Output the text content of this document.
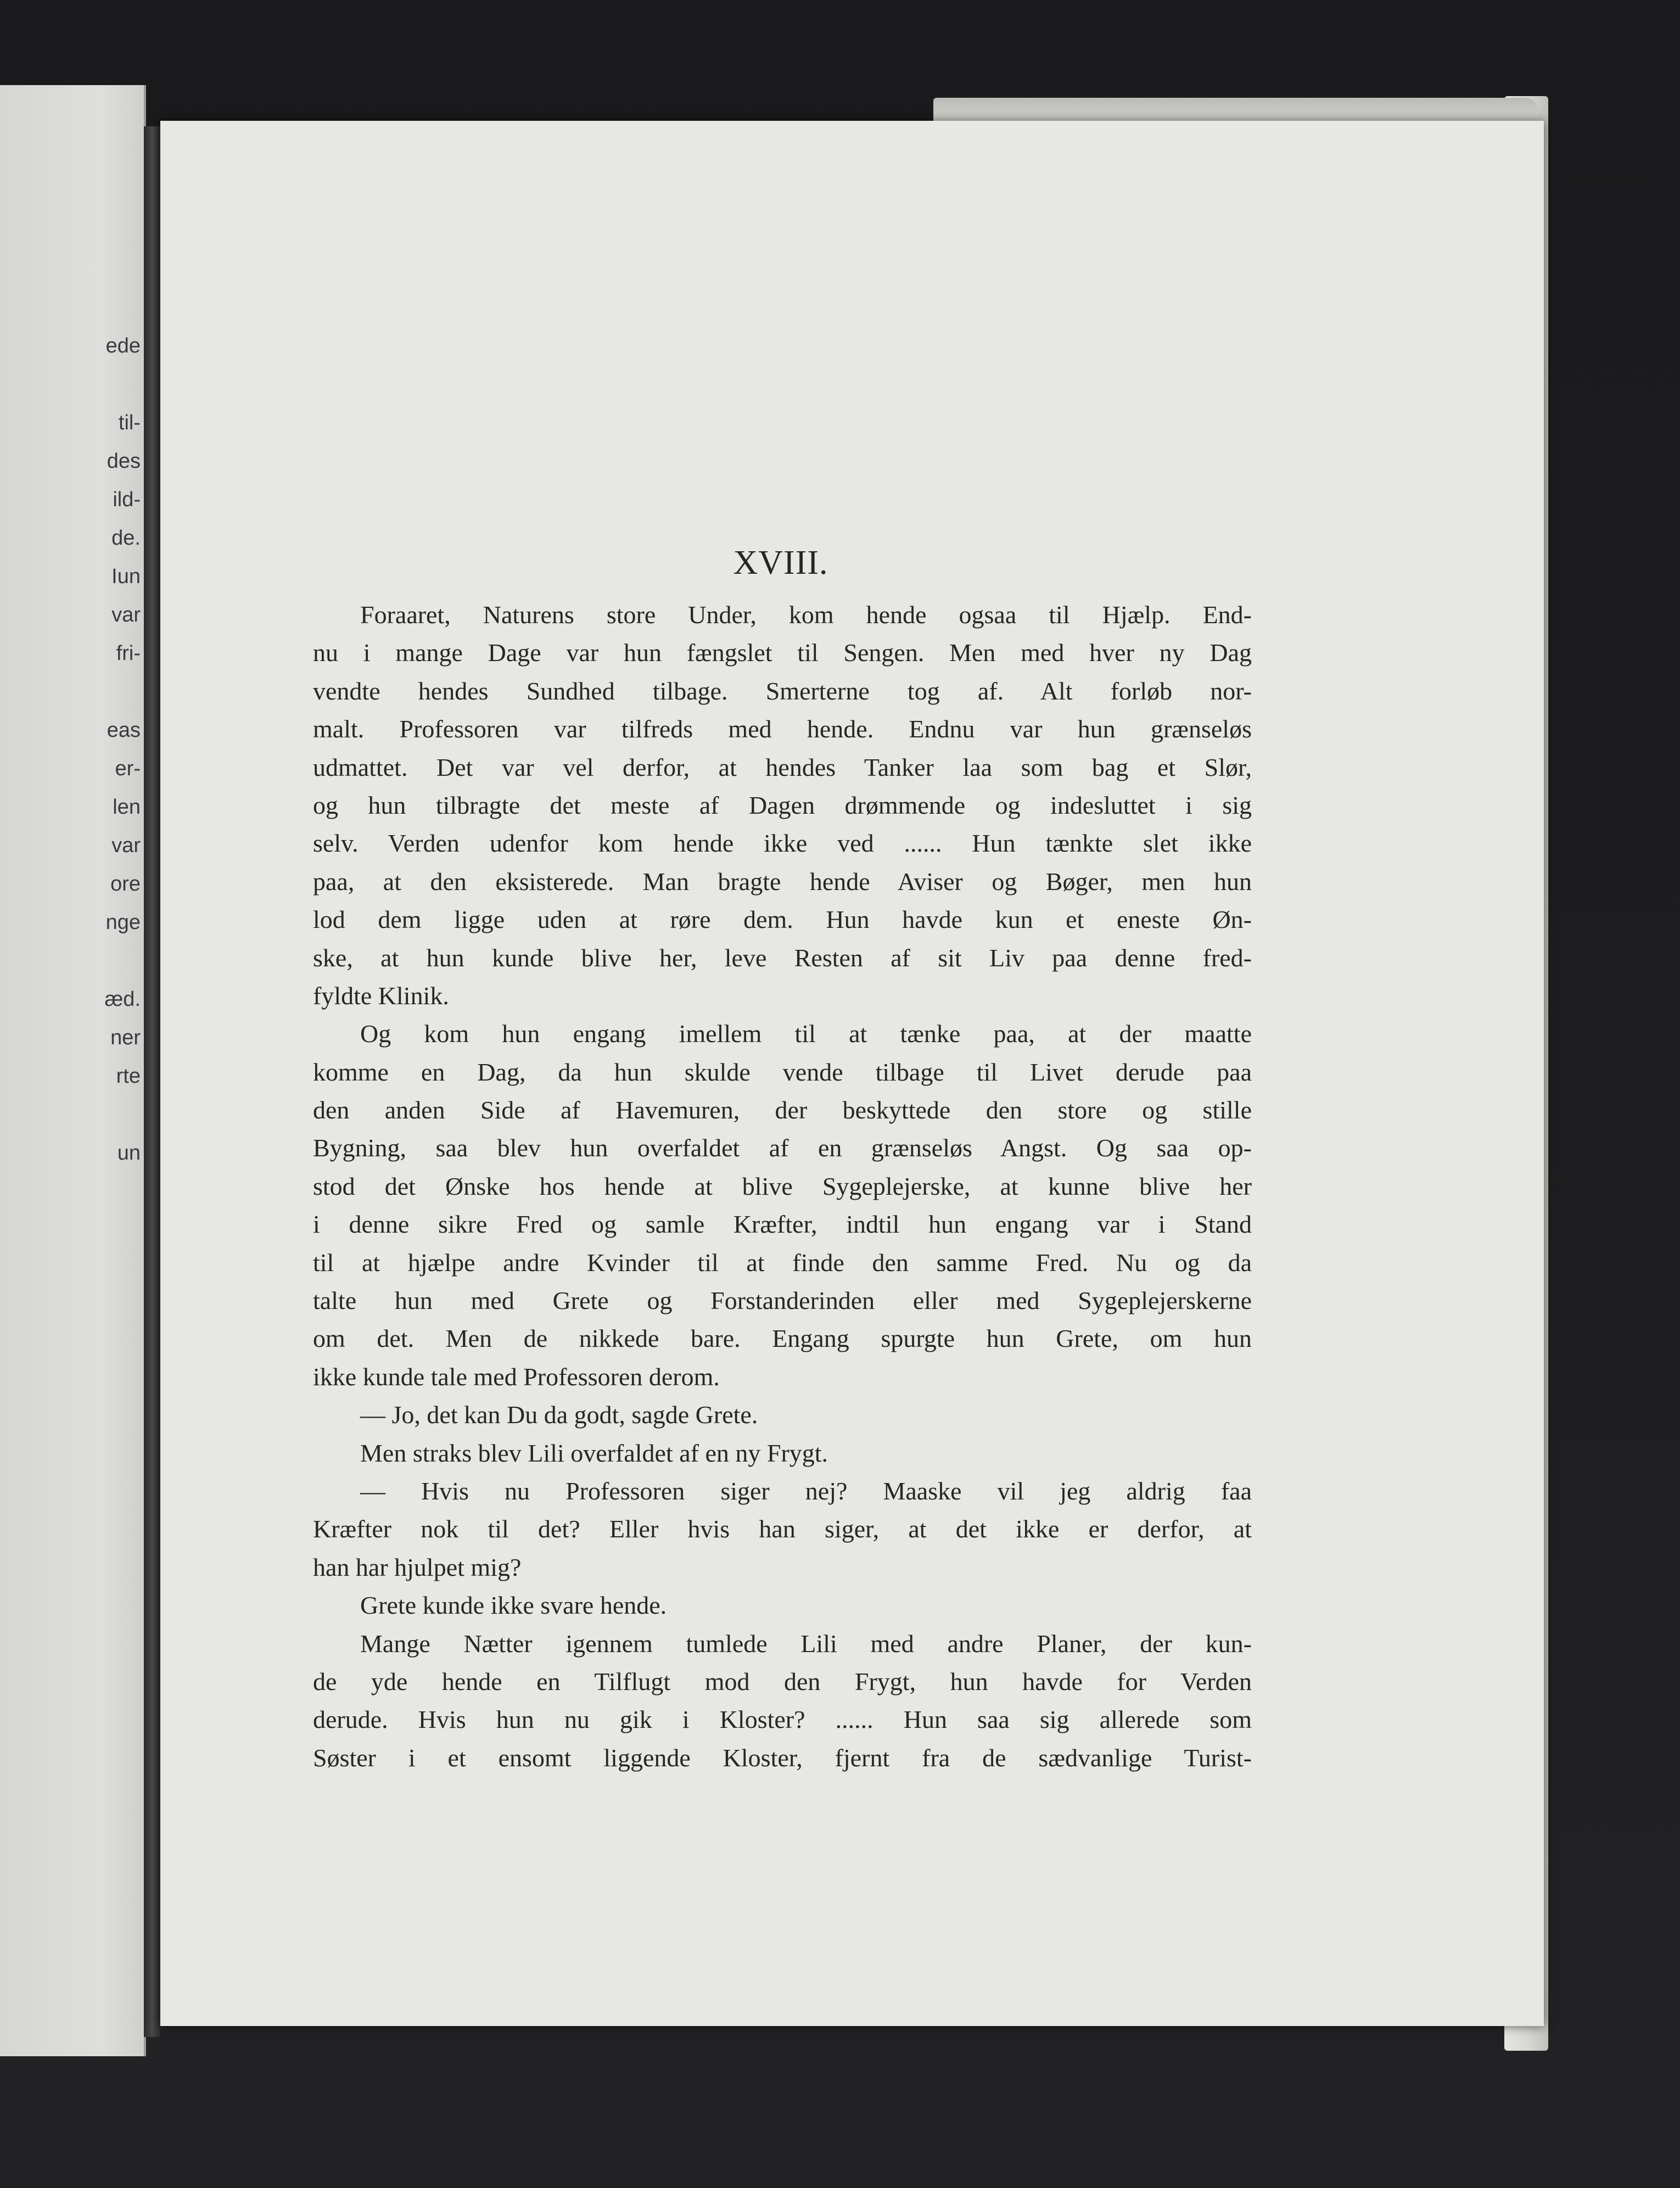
ede

til-
des
ild-
de.
Iun
var
fri-

eas
er-
len
var
ore
nge

æd.
ner
rte

un
XVIII.
Foraaret, Naturens store Under, kom hende ogsaa til Hjælp. End-
nu i mange Dage var hun fængslet til Sengen. Men med hver ny Dag
vendte hendes Sundhed tilbage. Smerterne tog af. Alt forløb nor-
malt. Professoren var tilfreds med hende. Endnu var hun grænseløs
udmattet. Det var vel derfor, at hendes Tanker laa som bag et Slør,
og hun tilbragte det meste af Dagen drømmende og indesluttet i sig
selv. Verden udenfor kom hende ikke ved ...... Hun tænkte slet ikke
paa, at den eksisterede. Man bragte hende Aviser og Bøger, men hun
lod dem ligge uden at røre dem. Hun havde kun et eneste Øn-
ske, at hun kunde blive her, leve Resten af sit Liv paa denne fred-
fyldte Klinik.
Og kom hun engang imellem til at tænke paa, at der maatte
komme en Dag, da hun skulde vende tilbage til Livet derude paa
den anden Side af Havemuren, der beskyttede den store og stille
Bygning, saa blev hun overfaldet af en grænseløs Angst. Og saa op-
stod det Ønske hos hende at blive Sygeplejerske, at kunne blive her
i denne sikre Fred og samle Kræfter, indtil hun engang var i Stand
til at hjælpe andre Kvinder til at finde den samme Fred. Nu og da
talte hun med Grete og Forstanderinden eller med Sygeplejerskerne
om det. Men de nikkede bare. Engang spurgte hun Grete, om hun
ikke kunde tale med Professoren derom.
— Jo, det kan Du da godt, sagde Grete.
Men straks blev Lili overfaldet af en ny Frygt.
— Hvis nu Professoren siger nej? Maaske vil jeg aldrig faa
Kræfter nok til det? Eller hvis han siger, at det ikke er derfor, at
han har hjulpet mig?
Grete kunde ikke svare hende.
Mange Nætter igennem tumlede Lili med andre Planer, der kun-
de yde hende en Tilflugt mod den Frygt, hun havde for Verden
derude. Hvis hun nu gik i Kloster? ...... Hun saa sig allerede som
Søster i et ensomt liggende Kloster, fjernt fra de sædvanlige Turist-
